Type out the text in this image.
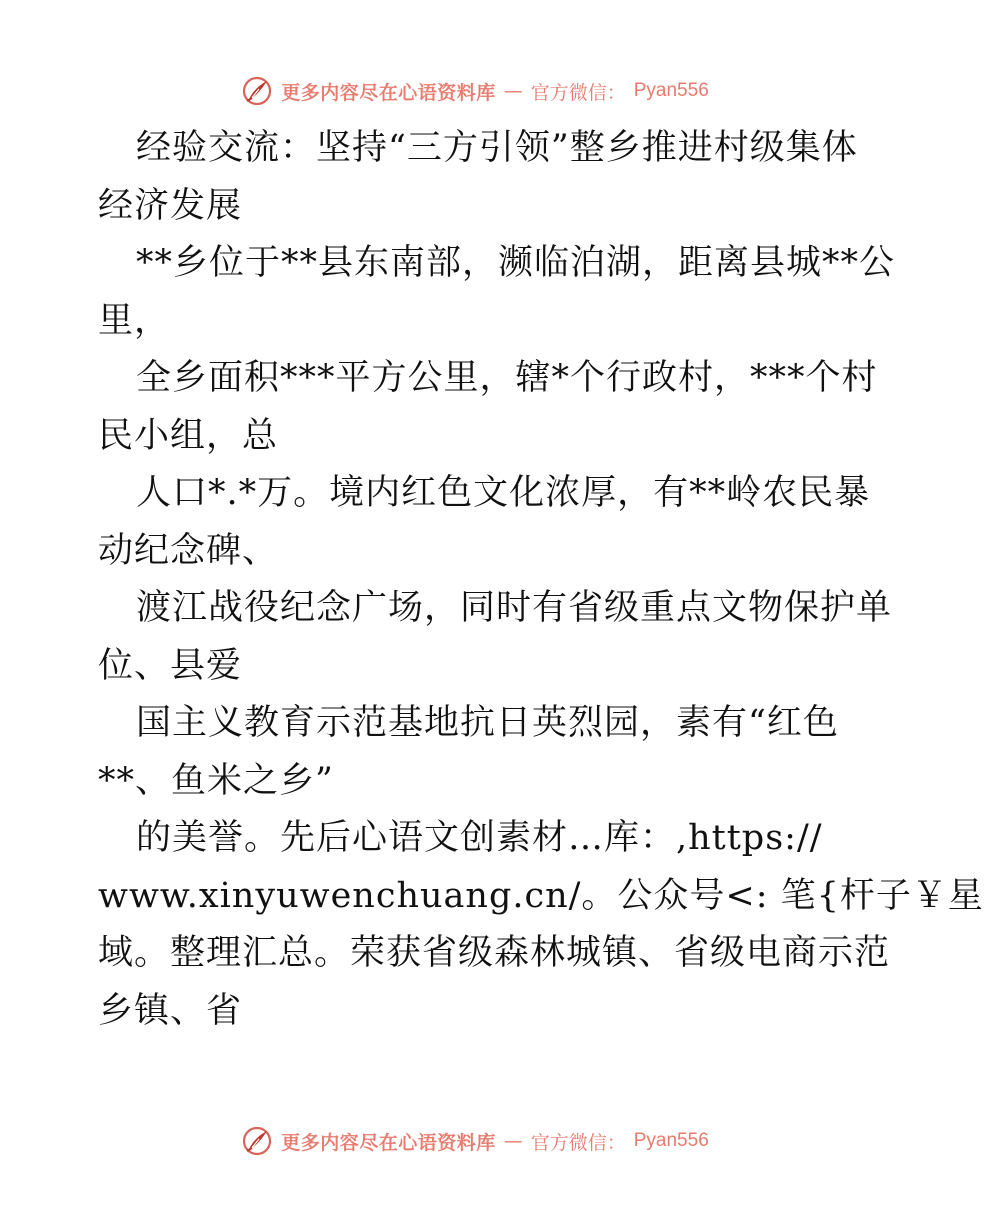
更多内容尽在心语资料库 — 官方微信： Pyan556
经验交流：坚持“三方引领”整乡推进村级集体
经济发展
**乡位于**县东南部，濒临泊湖，距离县城**公
里，
全乡面积***平方公里，辖*个行政村，***个村
民小组，总
人口*.*万。境内红色文化浓厚，有**岭农民暴
动纪念碑、
渡江战役纪念广场，同时有省级重点文物保护单
位、县爱
国主义教育示范基地抗日英烈园，素有“红色
**、鱼米之乡”
的美誉。先后心语文创素材…库：,https://
www.xinyuwenchuang.cn/。公众号<: 笔{杆子￥星
域。整理汇总。荣获省级森林城镇、省级电商示范
乡镇、省
更多内容尽在心语资料库 — 官方微信： Pyan556
